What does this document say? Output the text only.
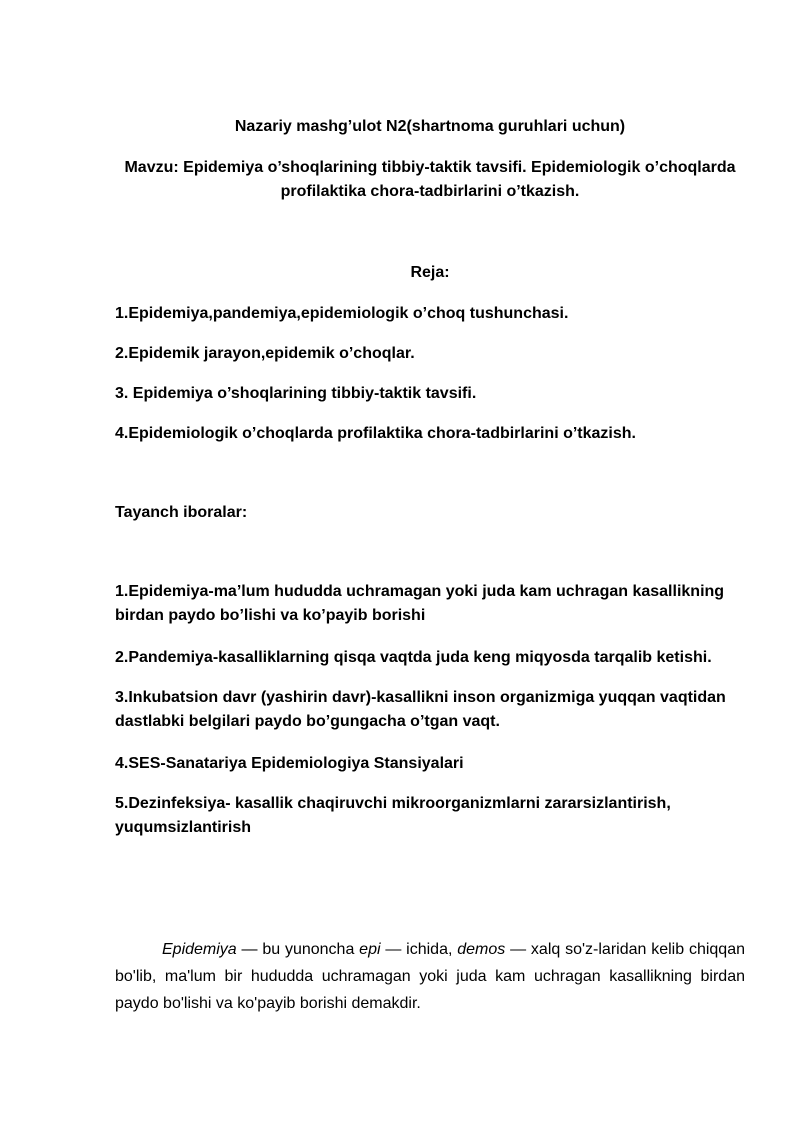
Nazariy mashg’ulot N2(shartnoma guruhlari uchun)

Mavzu: Epidemiya o’shoqlarining tibbiy-taktik tavsifi. Epidemiologik o’choqlarda profilaktika chora-tadbirlarini o’tkazish.

Reja:

1.Epidemiya,pandemiya,epidemiologik o’choq tushunchasi.

2.Epidemik jarayon,epidemik o’choqlar.

3. Epidemiya o’shoqlarining tibbiy-taktik tavsifi.

4.Epidemiologik o’choqlarda profilaktika chora-tadbirlarini o’tkazish.

Tayanch iboralar:

1.Epidemiya-ma’lum hududda uchramagan yoki juda kam uchragan kasallikning birdan paydo bo’lishi va ko’payib borishi

2.Pandemiya-kasalliklarning qisqa vaqtda juda keng miqyosda tarqalib ketishi.

3.Inkubatsion davr (yashirin davr)-kasallikni inson organizmiga yuqqan vaqtidan dastlabki belgilari paydo bo’gungacha o’tgan vaqt.

4.SES-Sanatariya Epidemiologiya Stansiyalari

5.Dezinfeksiya- kasallik chaqiruvchi mikroorganizmlarni zararsizlantirish, yuqumsizlantirish

Epidemiya — bu yunoncha epi — ichida, demos — xalq so'z-laridan kelib chiqqan bo'lib, ma'lum bir hududda uchramagan yoki juda kam uchragan kasallikning birdan paydo bo'lishi va ko'payib borishi demakdir.
